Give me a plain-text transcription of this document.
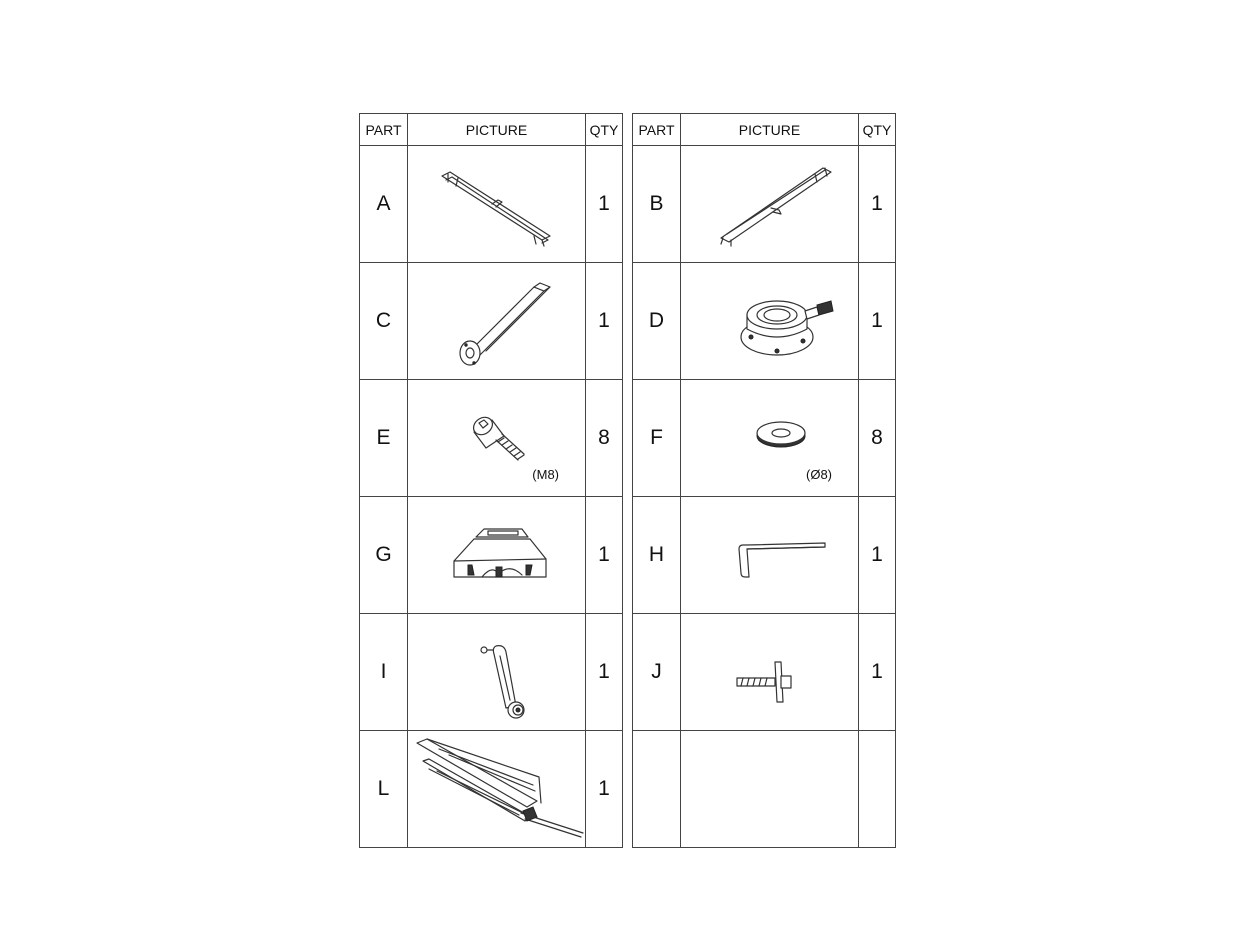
PART	PICTURE	QTY
A		1
C		1
E	(M8)	8
G		1
I		1
L		1
PART	PICTURE	QTY
B		1
D		1
F	(Ø8)	8
H		1
J		1
